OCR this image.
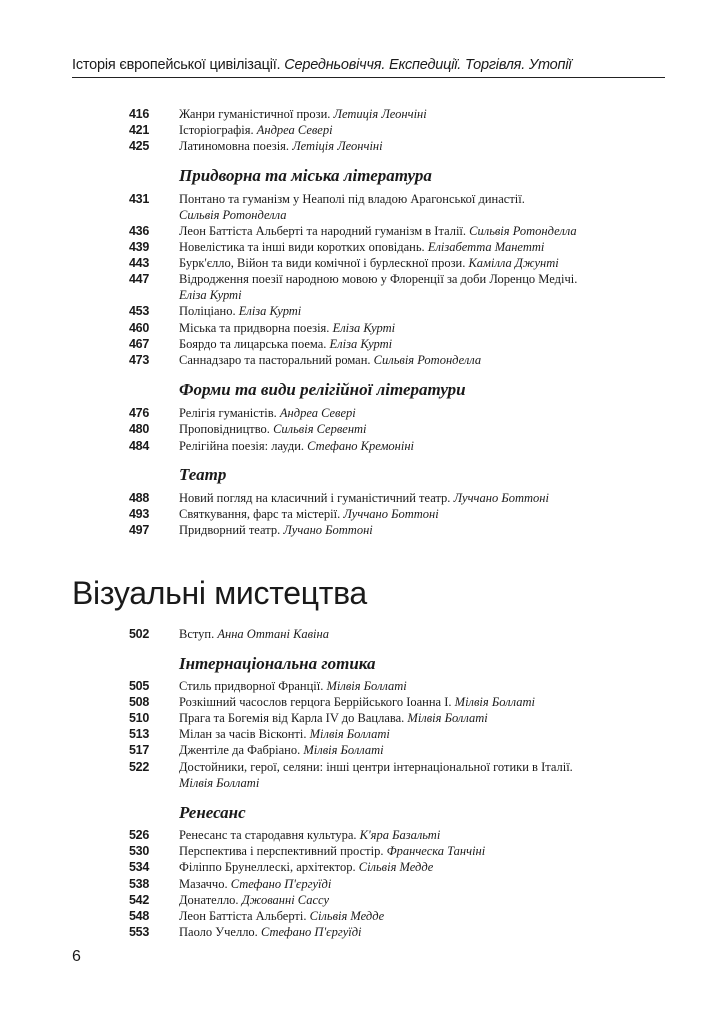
Історія європейської цивілізації. Середньовіччя. Експедиції. Торгівля. Утопії
416 Жанри гуманістичної прози. Летиція Леончіні
421 Історіографія. Андреа Северi
425 Латиномовна поезія. Летіція Леончіні
Придворна та міська література
431 Понтано та гуманізм у Неаполі під владою Арагонської династії.
Сильвія Ротонделла
436 Леон Баттіста Альберті та народний гуманізм в Італії. Сильвія Ротонделла
439 Новелістика та інші види коротких оповідань. Елізабетта Манетті
443 Бурк'єлло, Війон та види комічної і бурлескної прози. Камілла Джунті
447 Відродження поезії народною мовою у Флоренції за доби Лоренцо Медічі.
Еліза Курті
453 Поліціано. Еліза Курті
460 Міська та придворна поезія. Еліза Курті
467 Боярдо та лицарська поема. Еліза Курті
473 Саннадзаро та пасторальний роман. Сильвія Ротонделла
Форми та види релігійної літератури
476 Релігія гуманістів. Андреа Северi
480 Проповідництво. Сильвія Сервенті
484 Релігійна поезія: лауди. Стефано Кремоніні
Театр
488 Новий погляд на класичний і гуманістичний театр. Луччано Боттоні
493 Святкування, фарс та містерії. Луччано Боттоні
497 Придворний театр. Лучано Боттоні
Візуальні мистецтва
502 Вступ. Анна Оттані Кавіна
Інтернаціональна готика
505 Стиль придворної Франції. Мілвія Боллаті
508 Розкішний часослов герцога Беррійського Іоанна І. Мілвія Боллаті
510 Прага та Богемія від Карла IV до Вацлава. Мілвія Боллаті
513 Мілан за часів Вісконті. Мілвія Боллаті
517 Джентіле да Фабріано. Мілвія Боллаті
522 Достойники, герої, селяни: інші центри інтернаціональної готики в Італії.
Мілвія Боллаті
Ренесанс
526 Ренесанс та стародавня культура. К'яра Базальті
530 Перспектива і перспективний простір. Франческа Танчіні
534 Філіппо Брунеллескі, архітектор. Сільвія Медде
538 Мазаччо. Стефано П'єргуїді
542 Донателло. Джованні Сассу
548 Леон Баттіста Альберті. Сільвія Медде
553 Паоло Учелло. Стефано П'єргуїді
6
